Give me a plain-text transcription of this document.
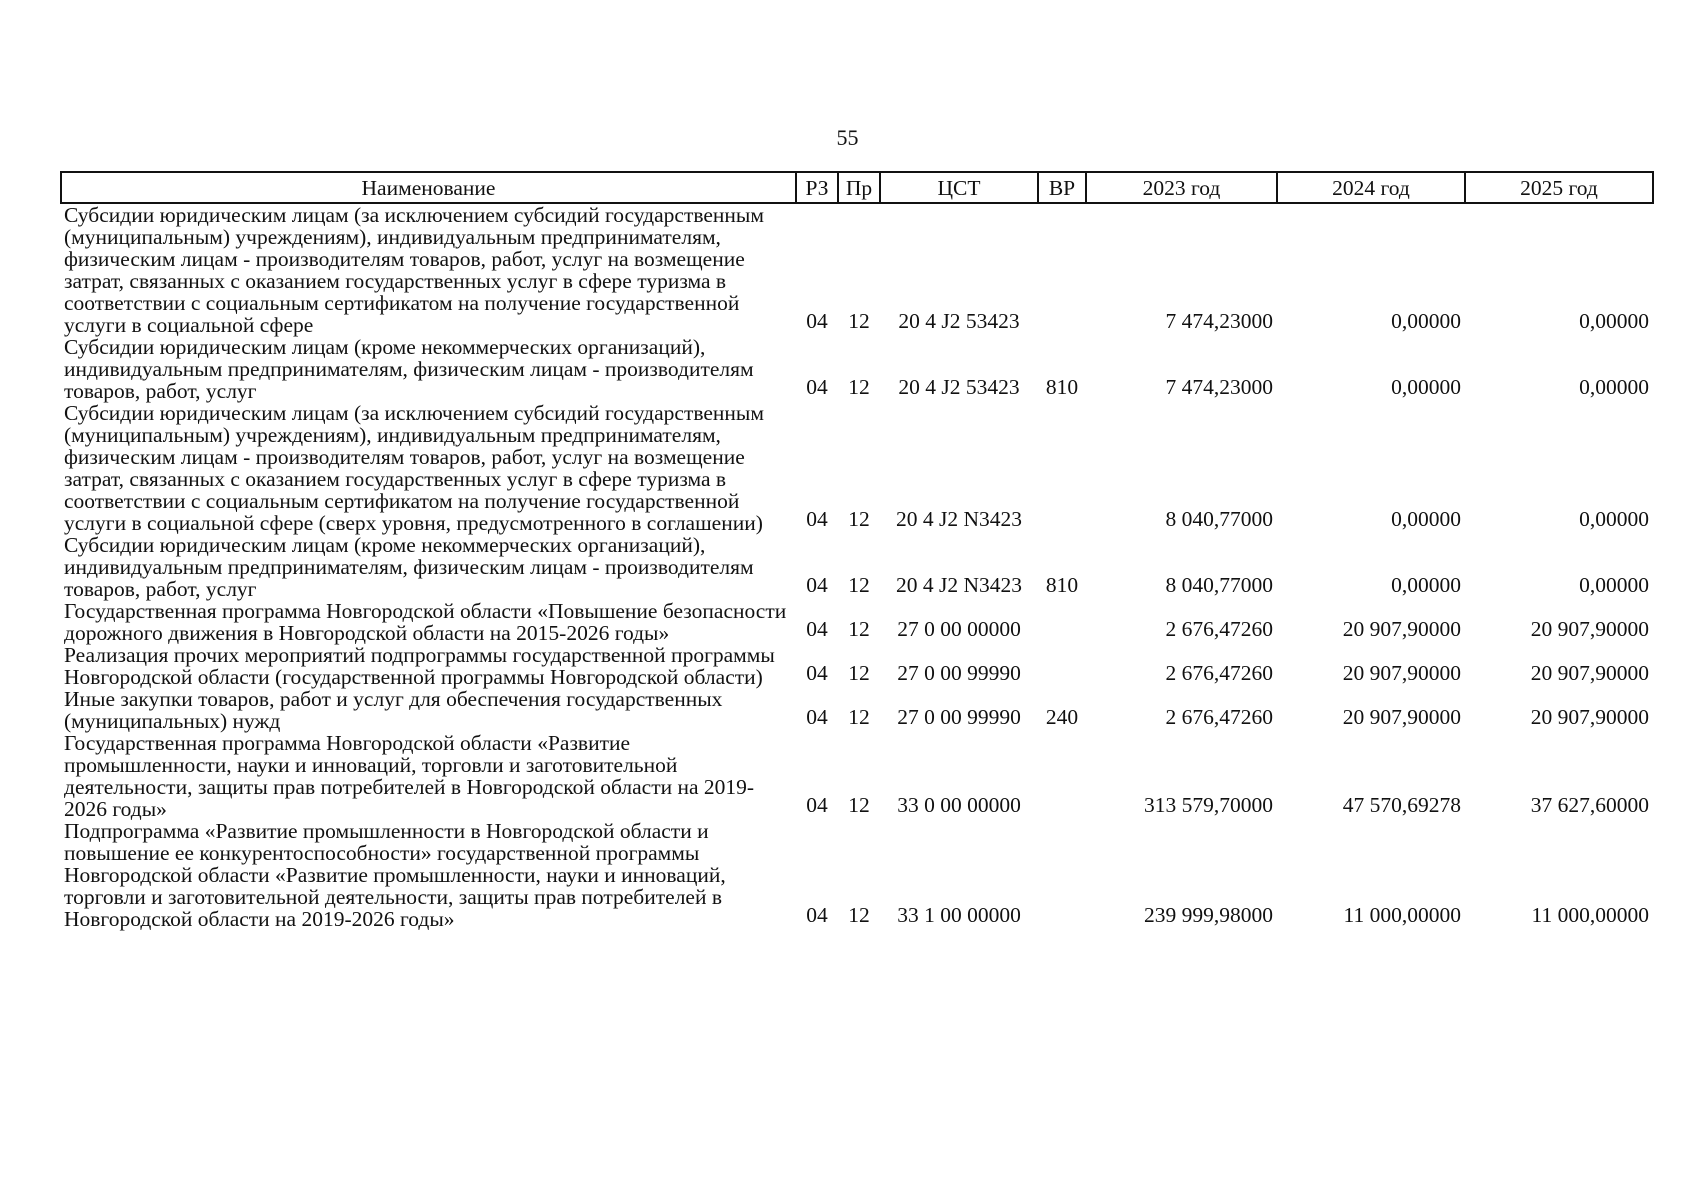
55
Наименование	РЗ	Пр	ЦСТ	ВР	2023 год	2024 год	2025 год
Субсидии юридическим лицам (за исключением субсидий государственным (муниципальным) учреждениям), индивидуальным предпринимателям, физическим лицам - производителям товаров, работ, услуг на возмещение затрат, связанных с оказанием государственных услуг в сфере туризма в соответствии с социальным сертификатом на получение государственной услуги в социальной сфере	04	12	20 4 J2 53423		7 474,23000	0,00000	0,00000
Субсидии юридическим лицам (кроме некоммерческих организаций), индивидуальным предпринимателям, физическим лицам - производителям товаров, работ, услуг	04	12	20 4 J2 53423	810	7 474,23000	0,00000	0,00000
Субсидии юридическим лицам (за исключением субсидий государственным (муниципальным) учреждениям), индивидуальным предпринимателям, физическим лицам - производителям товаров, работ, услуг на возмещение затрат, связанных с оказанием государственных услуг в сфере туризма в соответствии с социальным сертификатом на получение государственной услуги в социальной сфере (сверх уровня, предусмотренного в соглашении)	04	12	20 4 J2 N3423		8 040,77000	0,00000	0,00000
Субсидии юридическим лицам (кроме некоммерческих организаций), индивидуальным предпринимателям, физическим лицам - производителям товаров, работ, услуг	04	12	20 4 J2 N3423	810	8 040,77000	0,00000	0,00000
Государственная программа Новгородской области «Повышение безопасности дорожного движения в Новгородской области на 2015-2026 годы»	04	12	27 0 00 00000		2 676,47260	20 907,90000	20 907,90000
Реализация прочих мероприятий подпрограммы государственной программы Новгородской области (государственной программы Новгородской области)	04	12	27 0 00 99990		2 676,47260	20 907,90000	20 907,90000
Иные закупки товаров, работ и услуг для обеспечения государственных (муниципальных) нужд	04	12	27 0 00 99990	240	2 676,47260	20 907,90000	20 907,90000
Государственная программа Новгородской области «Развитие промышленности, науки и инноваций, торговли и заготовительной деятельности, защиты прав потребителей в Новгородской области на 2019-2026 годы»	04	12	33 0 00 00000		313 579,70000	47 570,69278	37 627,60000
Подпрограмма «Развитие промышленности в Новгородской области и повышение ее конкурентоспособности» государственной программы Новгородской области «Развитие промышленности, науки и инноваций, торговли и заготовительной деятельности, защиты прав потребителей в Новгородской области на 2019-2026 годы»	04	12	33 1 00 00000		239 999,98000	11 000,00000	11 000,00000
